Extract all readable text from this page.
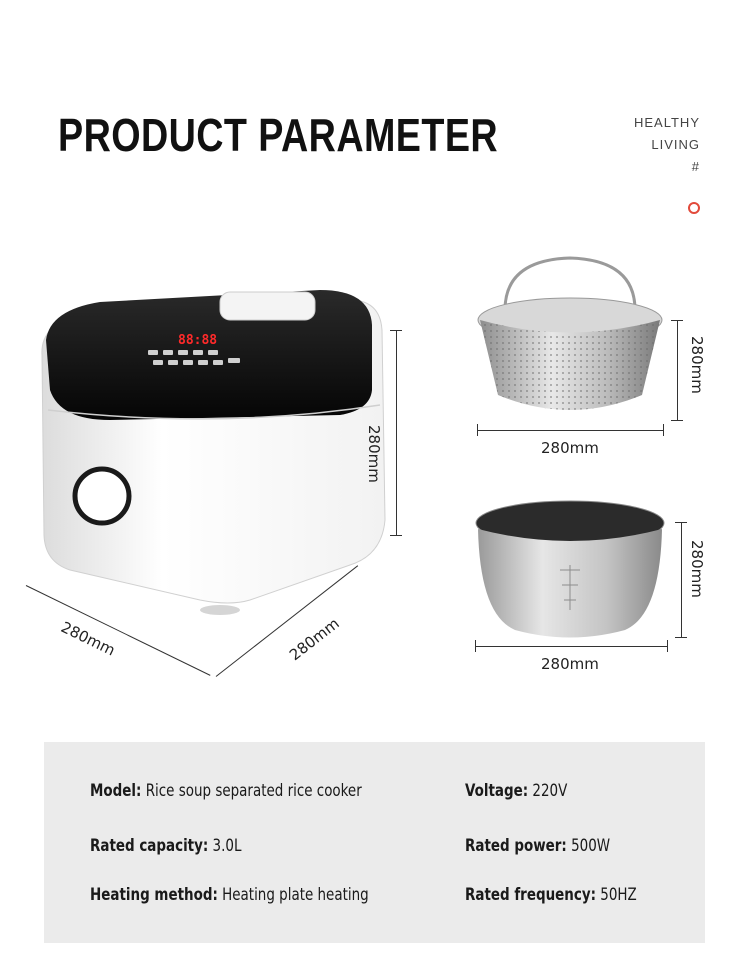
PRODUCT PARAMETER	HEALTHY
LIVING
#
88:88
280mm
280mm	280mm
280mm
280mm
280mm
280mm
Model: Rice soup separated rice cooker	Voltage: 220V
Rated capacity: 3.0L	Rated power: 500W
Heating method: Heating plate heating	Rated frequency: 50HZ
